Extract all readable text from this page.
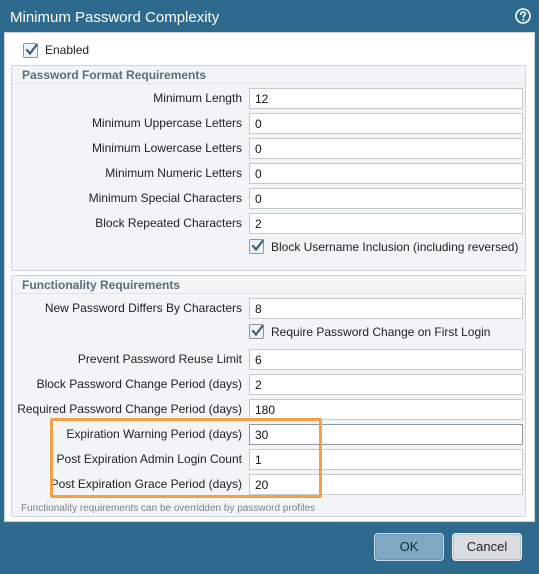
Minimum Password Complexity
Enabled
Password Format Requirements
Minimum Length
12
Minimum Uppercase Letters
0
Minimum Lowercase Letters
0
Minimum Numeric Letters
0
Minimum Special Characters
0
Block Repeated Characters
2
Block Username Inclusion (including reversed)
Functionality Requirements
New Password Differs By Characters
8
Require Password Change on First Login
Prevent Password Reuse Limit
6
Block Password Change Period (days)
2
Required Password Change Period (days)
180
Expiration Warning Period (days)
30
Post Expiration Admin Login Count
1
Post Expiration Grace Period (days)
20
Functionality requirements can be overridden by password profiles
OK	Cancel
